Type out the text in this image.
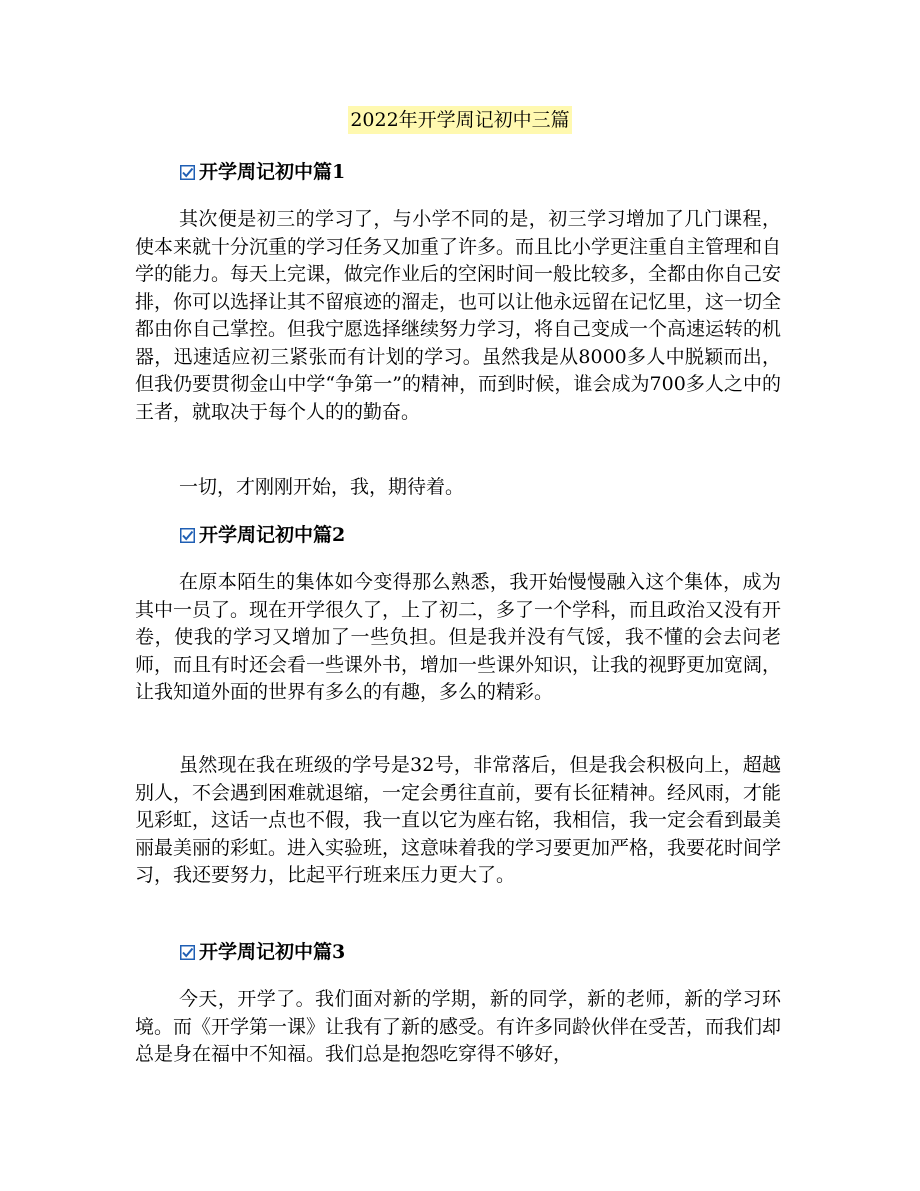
2022年开学周记初中三篇
开学周记初中篇1

其次便是初三的学习了，与小学不同的是，初三学习增加了几门课程，使本来就十分沉重的学习任务又加重了许多。而且比小学更注重自主管理和自学的能力。每天上完课，做完作业后的空闲时间一般比较多，全都由你自己安排，你可以选择让其不留痕迹的溜走，也可以让他永远留在记忆里，这一切全都由你自己掌控。但我宁愿选择继续努力学习，将自己变成一个高速运转的机器，迅速适应初三紧张而有计划的学习。虽然我是从8000多人中脱颖而出，但我仍要贯彻金山中学“争第一”的精神，而到时候，谁会成为700多人之中的王者，就取决于每个人的的勤奋。

一切，才刚刚开始，我，期待着。

开学周记初中篇2

在原本陌生的集体如今变得那么熟悉，我开始慢慢融入这个集体，成为其中一员了。现在开学很久了，上了初二，多了一个学科，而且政治又没有开卷，使我的学习又增加了一些负担。但是我并没有气馁，我不懂的会去问老师，而且有时还会看一些课外书，增加一些课外知识，让我的视野更加宽阔，让我知道外面的世界有多么的有趣，多么的精彩。

虽然现在我在班级的学号是32号，非常落后，但是我会积极向上，超越别人，不会遇到困难就退缩，一定会勇往直前，要有长征精神。经风雨，才能见彩虹，这话一点也不假，我一直以它为座右铭，我相信，我一定会看到最美丽最美丽的彩虹。进入实验班，这意味着我的学习要更加严格，我要花时间学习，我还要努力，比起平行班来压力更大了。

开学周记初中篇3

今天，开学了。我们面对新的学期，新的同学，新的老师，新的学习环境。而《开学第一课》让我有了新的感受。有许多同龄伙伴在受苦，而我们却总是身在福中不知福。我们总是抱怨吃穿得不够好，
